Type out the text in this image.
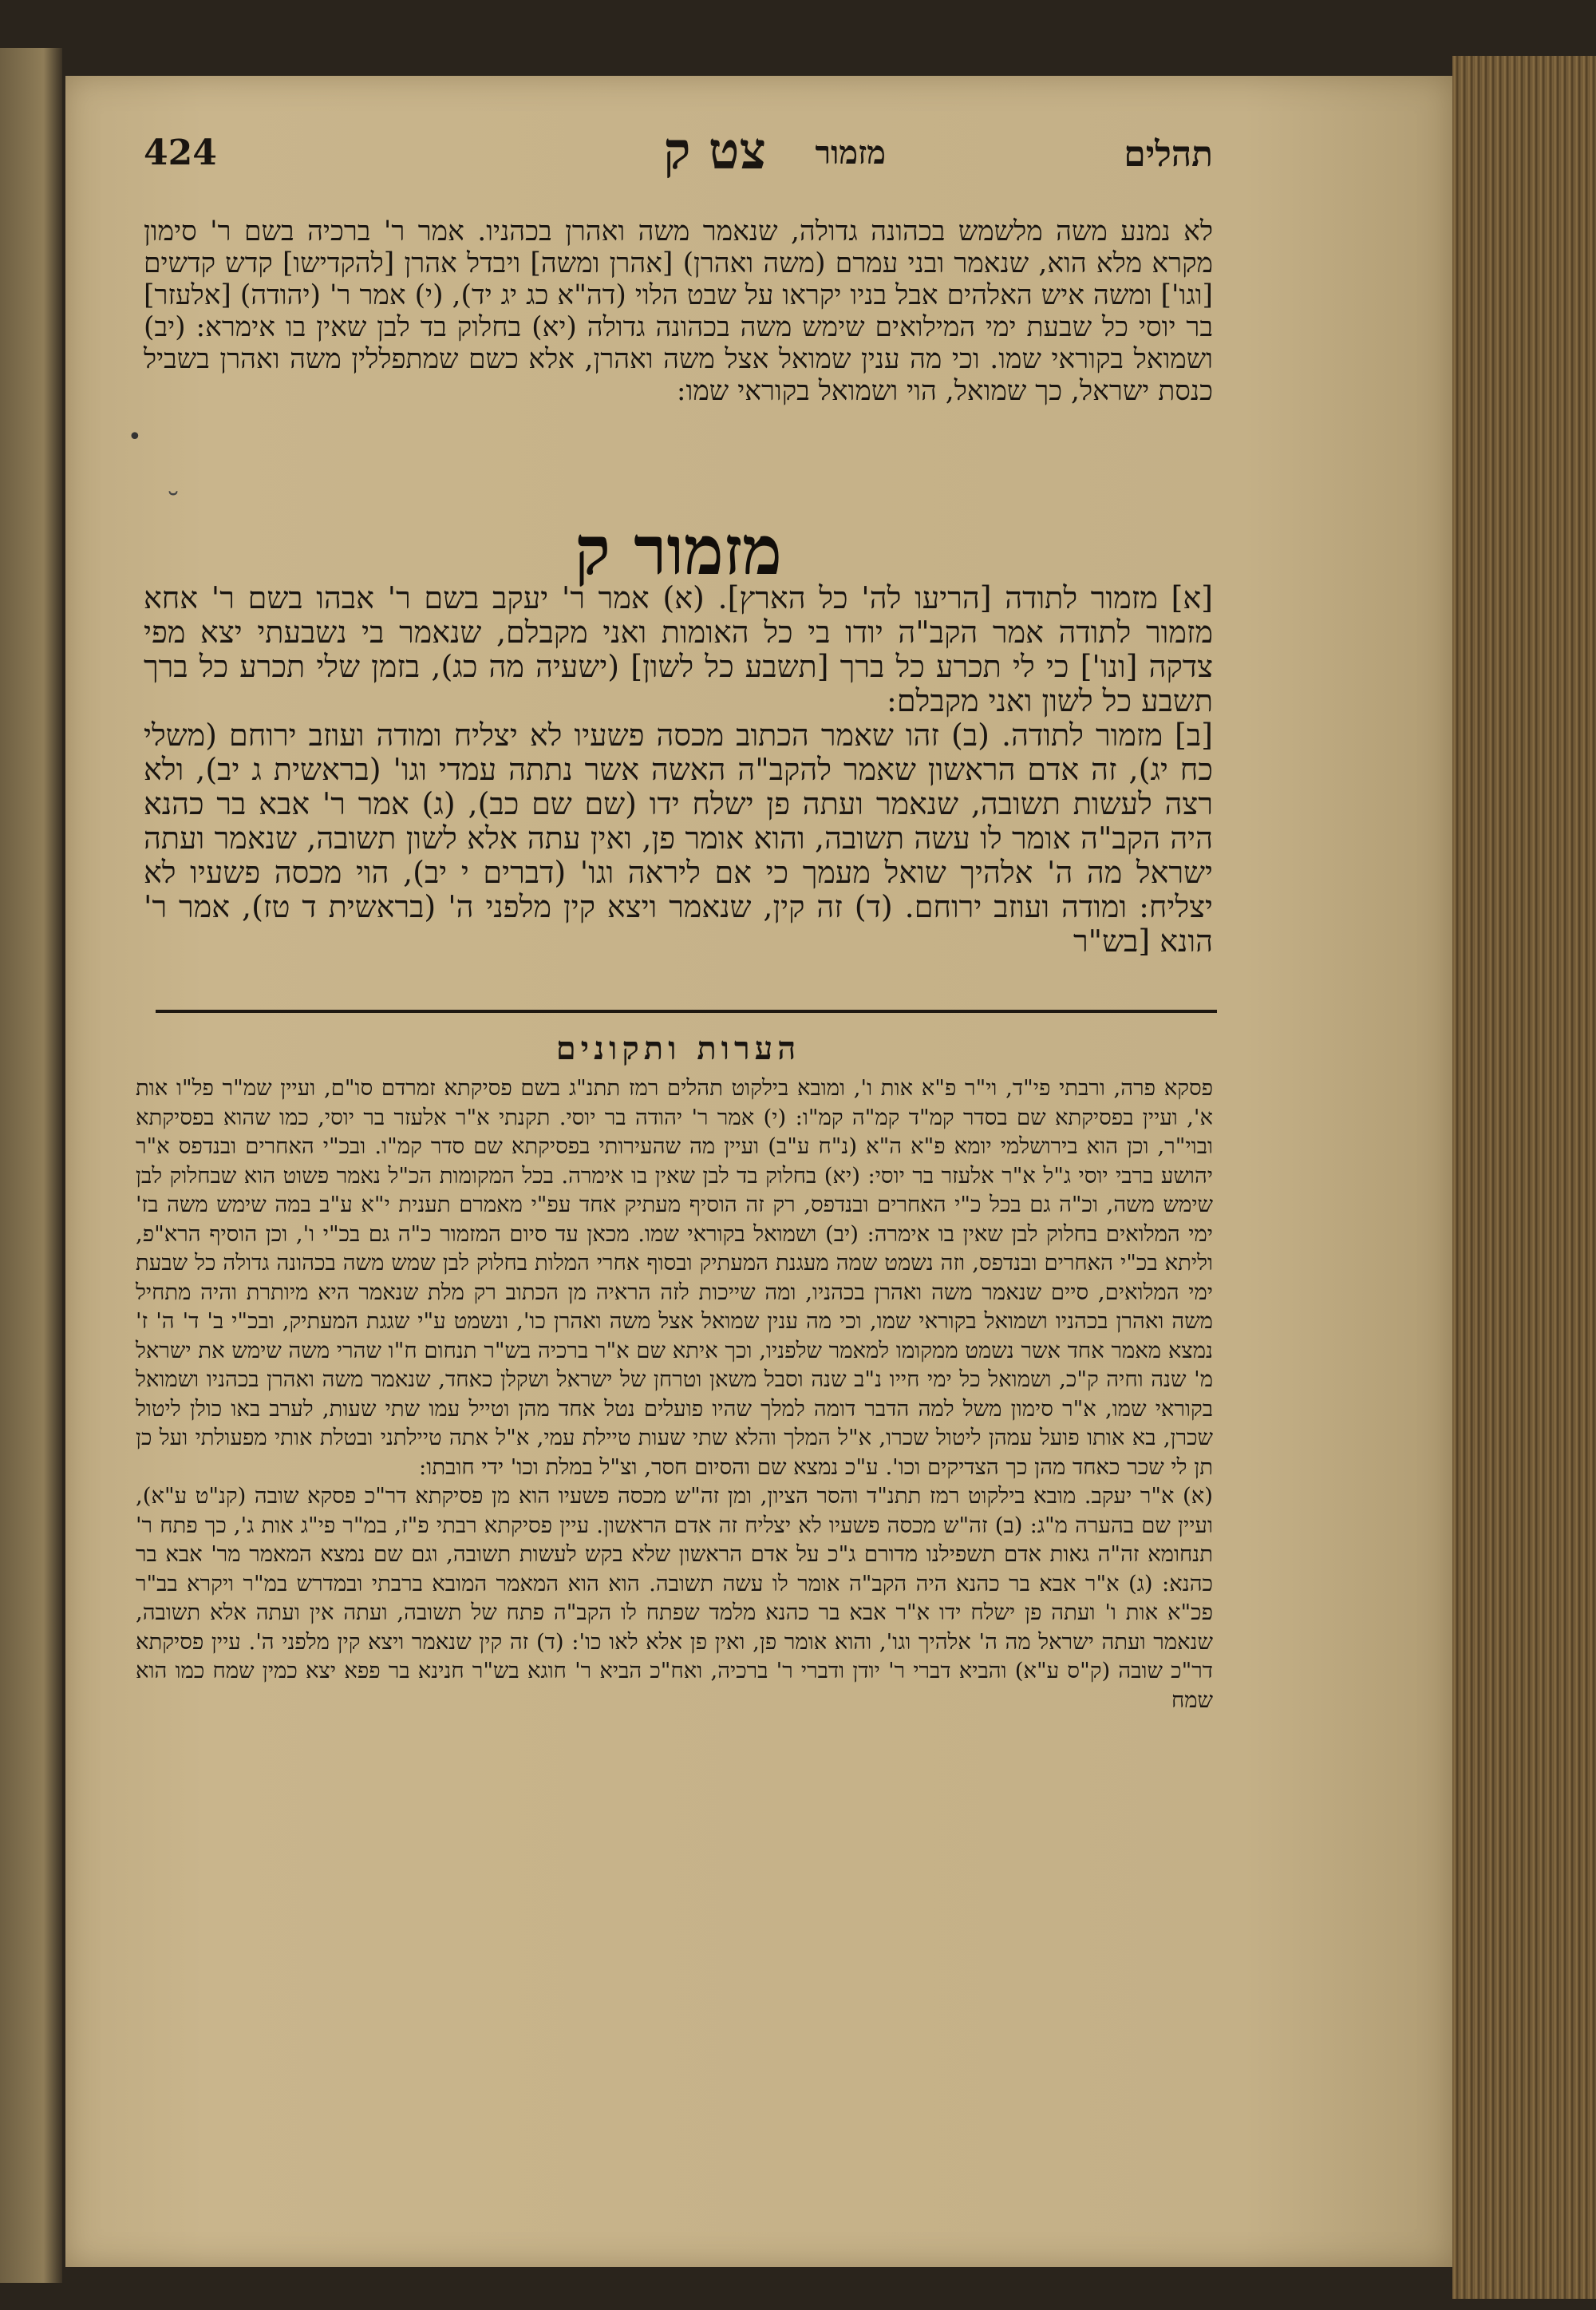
תהלים
צט ק מזמור
424

לא נמנע משה מלשמש בכהונה גדולה, שנאמר משה ואהרן בכהניו. אמר ר' ברכיה בשם ר' סימון מקרא מלא הוא, שנאמר ובני עמרם (משה ואהרן) [אהרן ומשה] ויבדל אהרן [להקדישו] קדש קדשים [וגו'] ומשה איש האלהים אבל בניו יקראו על שבט הלוי (דה"א כג יג יד), (י) אמר ר' (יהודה) [אלעזר] בר יוסי כל שבעת ימי המילואים שימש משה בכהונה גדולה (יא) בחלוק בד לבן שאין בו אימרא: (יב) ושמואל בקוראי שמו. וכי מה ענין שמואל אצל משה ואהרן, אלא כשם שמתפללין משה ואהרן בשביל כנסת ישראל, כך שמואל, הוי ושמואל בקוראי שמו:

•
˘
מזמור ק

[א] מזמור לתודה [הריעו לה' כל הארץ]. (א) אמר ר' יעקב בשם ר' אבהו בשם ר' אחא מזמור לתודה אמר הקב"ה יודו בי כל האומות ואני מקבלם, שנאמר בי נשבעתי יצא מפי צדקה [ונו'] כי לי תכרע כל ברך [תשבע כל לשון] (ישעיה מה כג), בזמן שלי תכרע כל ברך תשבע כל לשון ואני מקבלם:

[ב] מזמור לתודה. (ב) זהו שאמר הכתוב מכסה פשעיו לא יצליח ומודה ועוזב ירוחם (משלי כח יג), זה אדם הראשון שאמר להקב"ה האשה אשר נתתה עמדי וגו' (בראשית ג יב), ולא רצה לעשות תשובה, שנאמר ועתה פן ישלח ידו (שם שם כב), (ג) אמר ר' אבא בר כהנא היה הקב"ה אומר לו עשה תשובה, והוא אומר פן, ואין עתה אלא לשון תשובה, שנאמר ועתה ישראל מה ה' אלהיך שואל מעמך כי אם ליראה וגו' (דברים י יב), הוי מכסה פשעיו לא יצליח: ומודה ועוזב ירוחם. (ד) זה קין, שנאמר ויצא קין מלפני ה' (בראשית ד טז), אמר ר' הונא [בש"ר

הערות ותקונים

פסקא פרה, ורבתי פי"ד, וי"ר פ"א אות ו', ומובא בילקוט תהלים רמז תתנ"ג בשם פסיקתא זמרדם סו"ם, ועיין שמ"ר פל"ו אות א', ועיין בפסיקתא שם בסדר קמ"ד קמ"ה קמ"ו: (י) אמר ר' יהודה בר יוסי. תקנתי א"ר אלעזר בר יוסי, כמו שהוא בפסיקתא ובוי"ר, וכן הוא בירושלמי יומא פ"א ה"א (נ"ח ע"ב) ועיין מה שהעירותי בפסיקתא שם סדר קמ"ו. ובכ"י האחרים ובנדפס א"ר יהושע ברבי יוסי ג"ל א"ר אלעזר בר יוסי: (יא) בחלוק בד לבן שאין בו אימרה. בכל המקומות הכ"ל נאמר פשוט הוא שבחלוק לבן שימש משה, וכ"ה גם בכל כ"י האחרים ובנדפס, רק זה הוסיף מעתיק אחד עפ"י מאמרם תענית י"א ע"ב במה שימש משה בז' ימי המלואים בחלוק לבן שאין בו אימרה: (יב) ושמואל בקוראי שמו. מכאן עד סיום המזמור כ"ה גם בכ"י ו', וכן הוסיף הרא"פ, וליתא בכ"י האחרים ובנדפס, וזה נשמט שמה מעגנת המעתיק ובסוף אחרי המלות בחלוק לבן שמש משה בכהונה גדולה כל שבעת ימי המלואים, סיים שנאמר משה ואהרן בכהניו, ומה שייכות לזה הראיה מן הכתוב רק מלת שנאמר היא מיותרת והיה מתחיל משה ואהרן בכהניו ושמואל בקוראי שמו, וכי מה ענין שמואל אצל משה ואהרן כו', ונשמט ע"י שגגת המעתיק, ובכ"י ב' ד' ה' ז' נמצא מאמר אחד אשר נשמט ממקומו למאמר שלפניו, וכך איתא שם א"ר ברכיה בש"ר תנחום ח"ו שהרי משה שימש את ישראל מ' שנה וחיה ק"כ, ושמואל כל ימי חייו נ"ב שנה וסבל משאן וטרחן של ישראל ושקלן כאחד, שנאמר משה ואהרן בכהניו ושמואל בקוראי שמו, א"ר סימון משל למה הדבר דומה למלך שהיו פועלים נטל אחד מהן וטייל עמו שתי שעות, לערב באו כולן ליטול שכרן, בא אותו פועל עמהן ליטול שכרו, א"ל המלך והלא שתי שעות טיילת עמי, א"ל אתה טיילתני ובטלת אותי מפעולתי ועל כן תן לי שכר כאחד מהן כך הצדיקים וכו'. ע"כ נמצא שם והסיום חסר, וצ"ל במלת וכו' ידי חובתו:

(א) א"ר יעקב. מובא בילקוט רמז תתנ"ד והסר הציון, ומן זה"ש מכסה פשעיו הוא מן פסיקתא דר"כ פסקא שובה (קנ"ט ע"א), ועיין שם בהערה מ"ג: (ב) זה"ש מכסה פשעיו לא יצליח זה אדם הראשון. עיין פסיקתא רבתי פ"ז, במ"ר פי"ג אות ג', כך פתח ר' תנחומא זה"ה גאות אדם תשפילנו מדורם ג"כ על אדם הראשון שלא בקש לעשות תשובה, וגם שם נמצא המאמר מר' אבא בר כהנא: (ג) א"ר אבא בר כהנא היה הקב"ה אומר לו עשה תשובה. הוא הוא המאמר המובא ברבתי ובמדרש במ"ר ויקרא בב"ר פכ"א אות ו' ועתה פן ישלח ידו א"ר אבא בר כהנא מלמד שפתח לו הקב"ה פתח של תשובה, ועתה אין ועתה אלא תשובה, שנאמר ועתה ישראל מה ה' אלהיך וגו', והוא אומר פן, ואין פן אלא לאו כו': (ד) זה קין שנאמר ויצא קין מלפני ה'. עיין פסיקתא דר"כ שובה (ק"ס ע"א) והביא דברי ר' יודן ודברי ר' ברכיה, ואח"כ הביא ר' חוגא בש"ר חנינא בר פפא יצא כמין שמח כמו הוא שמח
